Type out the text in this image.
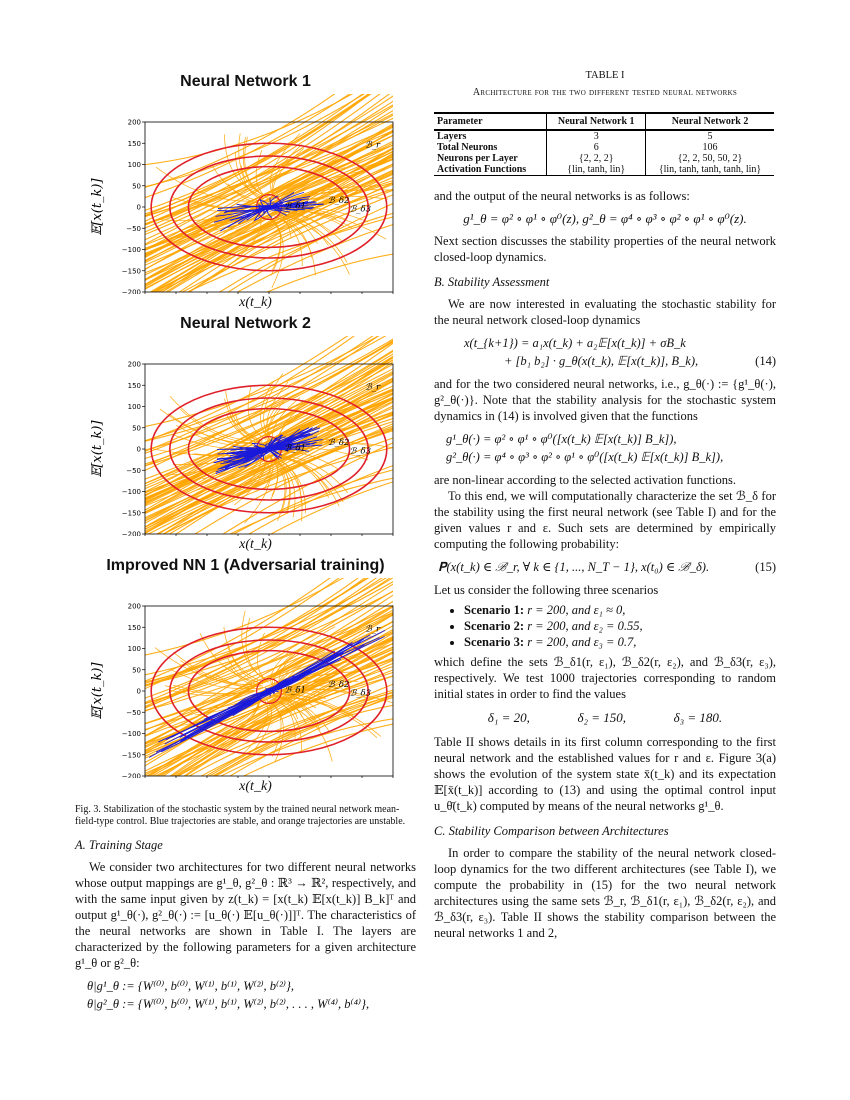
Neural Network 1
200
150
100
50
0
−50
−100
−150
−200
𝔼[x(t_k)]
ℬ_r
ℬ_δ1
ℬ_δ2
ℬ_δ3
x(t_k)
Neural Network 2
200
150
100
50
0
−50
−100
−150
−200
𝔼[x(t_k)]
ℬ_r
ℬ_δ1
ℬ_δ2
ℬ_δ3
x(t_k)
Improved NN 1 (Adversarial training)
200
150
100
50
0
−50
−100
−150
−200
𝔼[x(t_k)]
ℬ_r
ℬ_δ1
ℬ_δ2
ℬ_δ3
x(t_k)
Fig. 3. Stabilization of the stochastic system by the trained neural network mean-field-type control. Blue trajectories are stable, and orange trajectories are unstable.
A. Training Stage

We consider two architectures for two different neural networks whose output mappings are g¹_θ, g²_θ : ℝ³ → ℝ², respectively, and with the same input given by z(t_k) = [x(t_k) 𝔼[x(t_k)] B_k]ᵀ and output g¹_θ(·), g²_θ(·) := [u_θ(·) 𝔼[u_θ(·)]]ᵀ. The characteristics of the neural networks are shown in Table I. The layers are characterized by the following parameters for a given architecture g¹_θ or g²_θ:

θ|g¹_θ := {W⁽⁰⁾, b⁽⁰⁾, W⁽¹⁾, b⁽¹⁾, W⁽²⁾, b⁽²⁾},
θ|g²_θ := {W⁽⁰⁾, b⁽⁰⁾, W⁽¹⁾, b⁽¹⁾, W⁽²⁾, b⁽²⁾, . . . , W⁽⁴⁾, b⁽⁴⁾},
TABLE I
Architecture for the two different tested neural networks
Parameter	Neural Network 1	Neural Network 2
Layers	3	5
Total Neurons	6	106
Neurons per Layer	{2, 2, 2}	{2, 2, 50, 50, 2}
Activation Functions	{lin, tanh, lin}	{lin, tanh, tanh, tanh, lin}

and the output of the neural networks is as follows:

g¹_θ = φ² ∘ φ¹ ∘ φ⁰(z), g²_θ = φ⁴ ∘ φ³ ∘ φ² ∘ φ¹ ∘ φ⁰(z).

Next section discusses the stability properties of the neural network closed-loop dynamics.

B. Stability Assessment

We are now interested in evaluating the stochastic stability for the neural network closed-loop dynamics

x(t_{k+1}) = a₁x(t_k) + a₂𝔼[x(t_k)] + σB_k
+ [b₁ b₂] · g_θ(x(t_k), 𝔼[x(t_k)], B_k),	(14)

and for the two considered neural networks, i.e., g_θ(·) := {g¹_θ(·), g²_θ(·)}. Note that the stability analysis for the stochastic system dynamics in (14) is involved given that the functions

g¹_θ(·) = φ² ∘ φ¹ ∘ φ⁰([x(t_k) 𝔼[x(t_k)] B_k]),
g²_θ(·) = φ⁴ ∘ φ³ ∘ φ² ∘ φ¹ ∘ φ⁰([x(t_k) 𝔼[x(t_k)] B_k]),

are non-linear according to the selected activation functions.

To this end, we will computationally characterize the set ℬ_δ for the stability using the first neural network (see Table I) and for the given values r and ε. Such sets are determined by empirically computing the following probability:

𝐏(x(t_k) ∈ ℬ_r, ∀ k ∈ {1, ..., N_T − 1}, x(t₀) ∈ ℬ_δ).	(15)

Let us consider the following three scenarios

• Scenario 1: r = 200, and ε₁ ≈ 0,
• Scenario 2: r = 200, and ε₂ = 0.55,
• Scenario 3: r = 200, and ε₃ = 0.7,

which define the sets ℬ_δ1(r, ε₁), ℬ_δ2(r, ε₂), and ℬ_δ3(r, ε₃), respectively. We test 1000 trajectories corresponding to random initial states in order to find the values

δ₁ = 20,	δ₂ = 150,	δ₃ = 180.

Table II shows details in its first column corresponding to the first neural network and the established values for r and ε. Figure 3(a) shows the evolution of the system state x̄(t_k) and its expectation 𝔼[x̄(t_k)] according to (13) and using the optimal control input u_θ̄(t_k) computed by means of the neural networks g¹_θ.

C. Stability Comparison between Architectures

In order to compare the stability of the neural network closed-loop dynamics for the two different architectures (see Table I), we compute the probability in (15) for the two neural network architectures using the same sets ℬ_r, ℬ_δ1(r, ε₁), ℬ_δ2(r, ε₂), and ℬ_δ3(r, ε₃). Table II shows the stability comparison between the neural networks 1 and 2,
